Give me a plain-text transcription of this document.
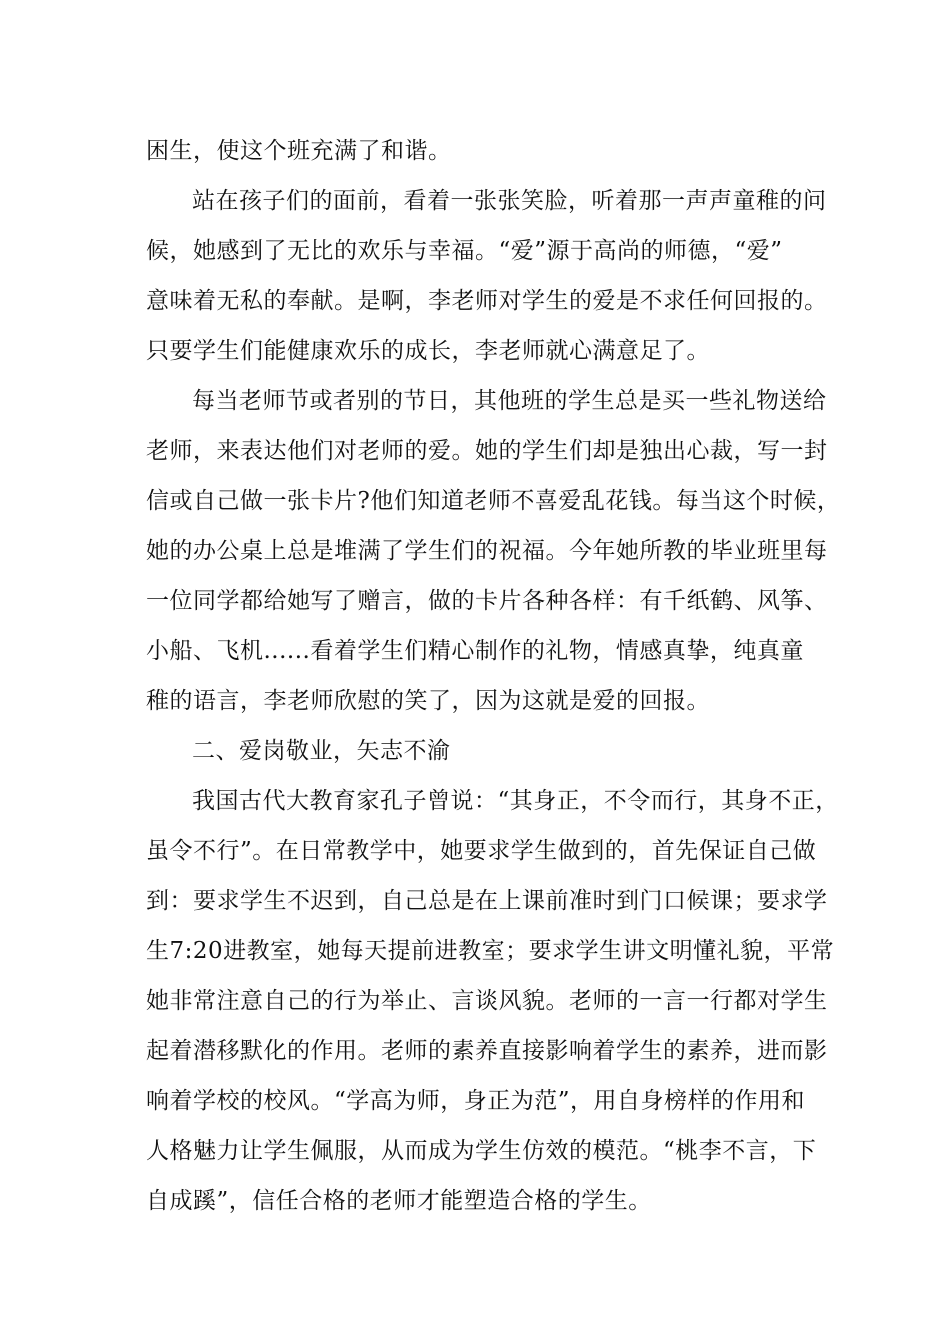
困生，使这个班充满了和谐。
站在孩子们的面前，看着一张张笑脸，听着那一声声童稚的问
候，她感到了无比的欢乐与幸福。“爱”源于高尚的师德，“爱”
意味着无私的奉献。是啊，李老师对学生的爱是不求任何回报的。
只要学生们能健康欢乐的成长，李老师就心满意足了。
每当老师节或者别的节日，其他班的学生总是买一些礼物送给
老师，来表达他们对老师的爱。她的学生们却是独出心裁，写一封
信或自己做一张卡片?他们知道老师不喜爱乱花钱。每当这个时候，
她的办公桌上总是堆满了学生们的祝福。今年她所教的毕业班里每
一位同学都给她写了赠言，做的卡片各种各样：有千纸鹤、风筝、
小船、飞机......看着学生们精心制作的礼物，情感真挚，纯真童
稚的语言，李老师欣慰的笑了，因为这就是爱的回报。
二、爱岗敬业，矢志不渝
我国古代大教育家孔子曾说：“其身正，不令而行，其身不正，
虽令不行”。在日常教学中，她要求学生做到的，首先保证自己做
到：要求学生不迟到，自己总是在上课前准时到门口候课；要求学
生7:20进教室，她每天提前进教室；要求学生讲文明懂礼貌，平常
她非常注意自己的行为举止、言谈风貌。老师的一言一行都对学生
起着潜移默化的作用。老师的素养直接影响着学生的素养，进而影
响着学校的校风。“学高为师，身正为范”，用自身榜样的作用和
人格魅力让学生佩服，从而成为学生仿效的模范。“桃李不言，下
自成蹊”，信任合格的老师才能塑造合格的学生。
